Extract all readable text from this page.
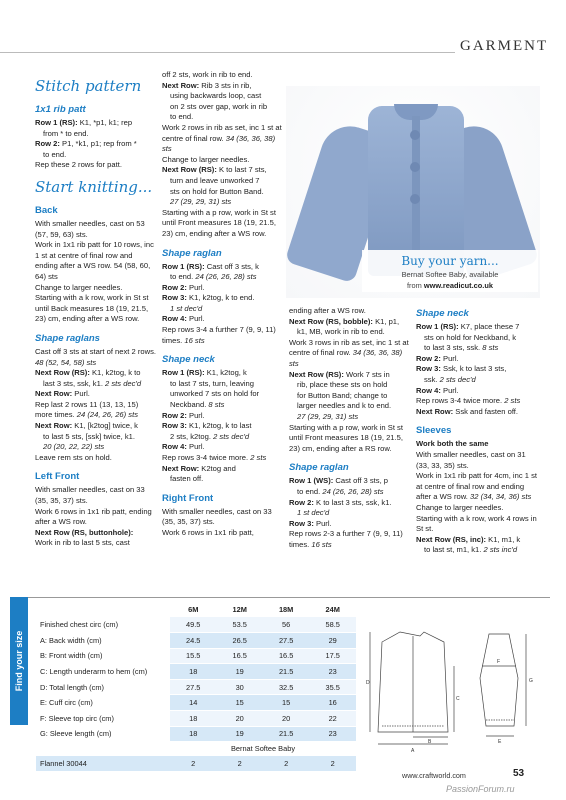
GARMENT
Stitch pattern
1x1 rib patt

Row 1 (RS): K1, *p1, k1; rep

from * to end.

Row 2: P1, *k1, p1; rep from *

to end.

Rep these 2 rows for patt.

Start knitting...
Back

With smaller needles, cast on 53 (57, 59, 63) sts.

Work in 1x1 rib patt for 10 rows, inc 1 st at centre of final row and ending after a WS row. 54 (58, 60, 64) sts

Change to larger needles.

Starting with a k row, work in St st until Back measures 18 (19, 21.5, 23) cm, ending after a WS row.

Shape raglans

Cast off 3 sts at start of next 2 rows. 48 (52, 54, 58) sts

Next Row (RS): K1, k2tog, k to

last 3 sts, ssk, k1. 2 sts dec'd

Next Row: Purl.

Rep last 2 rows 11 (13, 13, 15) more times. 24 (24, 26, 26) sts

Next Row: K1, [k2tog] twice, k

to last 5 sts, [ssk] twice, k1.

20 (20, 22, 22) sts

Leave rem sts on hold.

Left Front

With smaller needles, cast on 33 (35, 35, 37) sts.

Work 6 rows in 1x1 rib patt, ending after a WS row.

Next Row (RS, buttonhole):

Work in rib to last 5 sts, cast

off 2 sts, work in rib to end.

Next Row: Rib 3 sts in rib,

using backwards loop, cast

on 2 sts over gap, work in rib

to end.

Work 2 rows in rib as set, inc 1 st at centre of final row. 34 (36, 36, 38) sts

Change to larger needles.

Next Row (RS): K to last 7 sts,

turn and leave unworked 7

sts on hold for Button Band.

27 (29, 29, 31) sts

Starting with a p row, work in St st until Front measures 18 (19, 21.5, 23) cm, ending after a WS row.

Shape raglan

Row 1 (RS): Cast off 3 sts, k

to end. 24 (26, 26, 28) sts

Row 2: Purl.

Row 3: K1, k2tog, k to end.

1 st dec'd

Row 4: Purl.

Rep rows 3-4 a further 7 (9, 9, 11) times. 16 sts

Shape neck

Row 1 (RS): K1, k2tog, k

to last 7 sts, turn, leaving

unworked 7 sts on hold for

Neckband. 8 sts

Row 2: Purl.

Row 3: K1, k2tog, k to last

2 sts, k2tog. 2 sts dec'd

Row 4: Purl.

Rep rows 3-4 twice more. 2 sts

Next Row: K2tog and

fasten off.

Right Front

With smaller needles, cast on 33 (35, 35, 37) sts.

Work 6 rows in 1x1 rib patt,

Buy your yarn...
Bernat Softee Baby, available
from www.readicut.co.uk

ending after a WS row.

Next Row (RS, bobble): K1, p1,

k1, MB, work in rib to end.

Work 3 rows in rib as set, inc 1 st at centre of final row. 34 (36, 36, 38) sts

Next Row (RS): Work 7 sts in

rib, place these sts on hold

for Button Band; change to

larger needles and k to end.

27 (29, 29, 31) sts

Starting with a p row, work in St st until Front measures 18 (19, 21.5, 23) cm, ending after a RS row.

Shape raglan

Row 1 (WS): Cast off 3 sts, p

to end. 24 (26, 26, 28) sts

Row 2: K to last 3 sts, ssk, k1.

1 st dec'd

Row 3: Purl.

Rep rows 2-3 a further 7 (9, 9, 11) times. 16 sts

Shape neck

Row 1 (RS): K7, place these 7

sts on hold for Neckband, k

to last 3 sts, ssk. 8 sts

Row 2: Purl.

Row 3: Ssk, k to last 3 sts,

ssk. 2 sts dec'd

Row 4: Purl.

Rep rows 3-4 twice more. 2 sts

Next Row: Ssk and fasten off.

Sleeves

Work both the same

With smaller needles, cast on 31 (33, 33, 35) sts.

Work in 1x1 rib patt for 4cm, inc 1 st at centre of final row and ending after a WS row. 32 (34, 34, 36) sts

Change to larger needles.

Starting with a k row, work 4 rows in St st.

Next Row (RS, inc): K1, m1, k

to last st, m1, k1. 2 sts inc'd

Find your size
	6M	12M	18M	24M
Finished chest circ (cm)	49.5	53.5	56	58.5
A: Back width (cm)	24.5	26.5	27.5	29
B: Front width (cm)	15.5	16.5	16.5	17.5
C: Length underarm to hem (cm)	18	19	21.5	23
D: Total length (cm)	27.5	30	32.5	35.5
E: Cuff circ (cm)	14	15	15	16
F: Sleeve top circ (cm)	18	20	20	22
G: Sleeve length (cm)	18	19	21.5	23
	Bernat Softee Baby			
Flannel 30044	2	2	2	2
D
C
A
B	E
F
G
www.craftworld.com	53
PassionForum.ru
